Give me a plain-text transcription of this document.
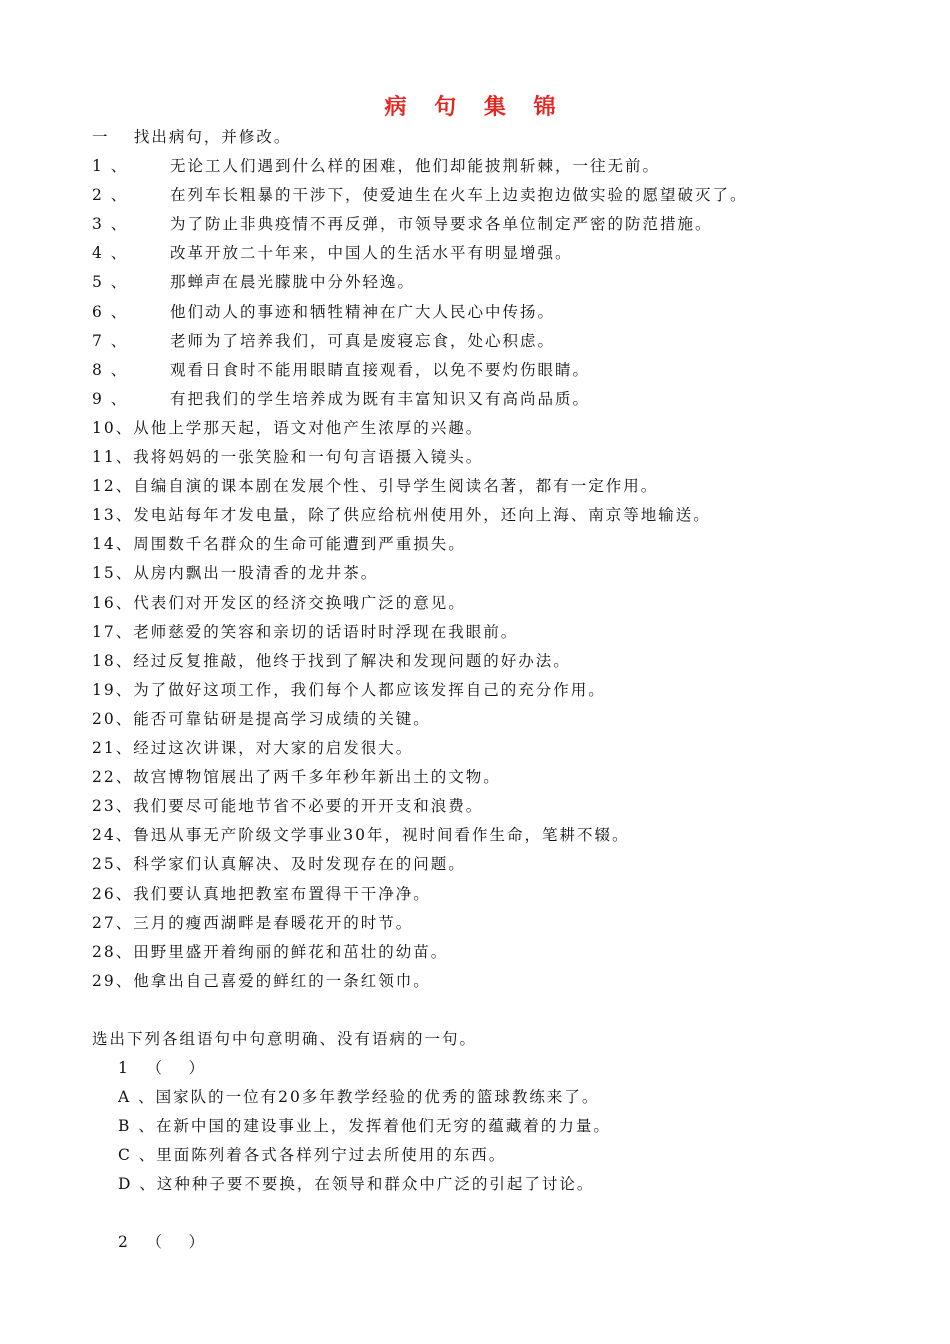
病 句 集 锦
一　 找出病句，并修改。
1 、	无论工人们遇到什么样的困难，他们却能披荆斩棘，一往无前。
2 、	在列车长粗暴的干涉下，使爱迪生在火车上边卖抱边做实验的愿望破灭了。
3 、	为了防止非典疫情不再反弹，市领导要求各单位制定严密的防范措施。
4 、	改革开放二十年来，中国人的生活水平有明显增强。
5 、	那蝉声在晨光朦胧中分外轻逸。
6 、	他们动人的事迹和牺牲精神在广大人民心中传扬。
7 、	老师为了培养我们，可真是废寝忘食，处心积虑。
8 、	观看日食时不能用眼睛直接观看，以免不要灼伤眼睛。
9 、	有把我们的学生培养成为既有丰富知识又有高尚品质。
10、从他上学那天起，语文对他产生浓厚的兴趣。
11、我将妈妈的一张笑脸和一句句言语摄入镜头。
12、自编自演的课本剧在发展个性、引导学生阅读名著，都有一定作用。
13、发电站每年才发电量，除了供应给杭州使用外，还向上海、南京等地输送。
14、周围数千名群众的生命可能遭到严重损失。
15、从房内飘出一股清香的龙井茶。
16、代表们对开发区的经济交换哦广泛的意见。
17、老师慈爱的笑容和亲切的话语时时浮现在我眼前。
18、经过反复推敲，他终于找到了解决和发现问题的好办法。
19、为了做好这项工作，我们每个人都应该发挥自己的充分作用。
20、能否可靠钻研是提高学习成绩的关键。
21、经过这次讲课，对大家的启发很大。
22、故宫博物馆展出了两千多年秒年新出土的文物。
23、我们要尽可能地节省不必要的开开支和浪费。
24、鲁迅从事无产阶级文学事业30年，视时间看作生命，笔耕不辍。
25、科学家们认真解决、及时发现存在的问题。
26、我们要认真地把教室布置得干干净净。
27、三月的瘦西湖畔是春暖花开的时节。
28、田野里盛开着绚丽的鲜花和茁壮的幼苗。
29、他拿出自己喜爱的鲜红的一条红领巾。
选出下列各组语句中句意明确、没有语病的一句。
1 　（　 ）
A 、国家队的一位有20多年教学经验的优秀的篮球教练来了。
B 、在新中国的建设事业上，发挥着他们无穷的蕴藏着的力量。
C 、里面陈列着各式各样列宁过去所使用的东西。
D 、这种种子要不要换，在领导和群众中广泛的引起了讨论。
2 　（　 ）
